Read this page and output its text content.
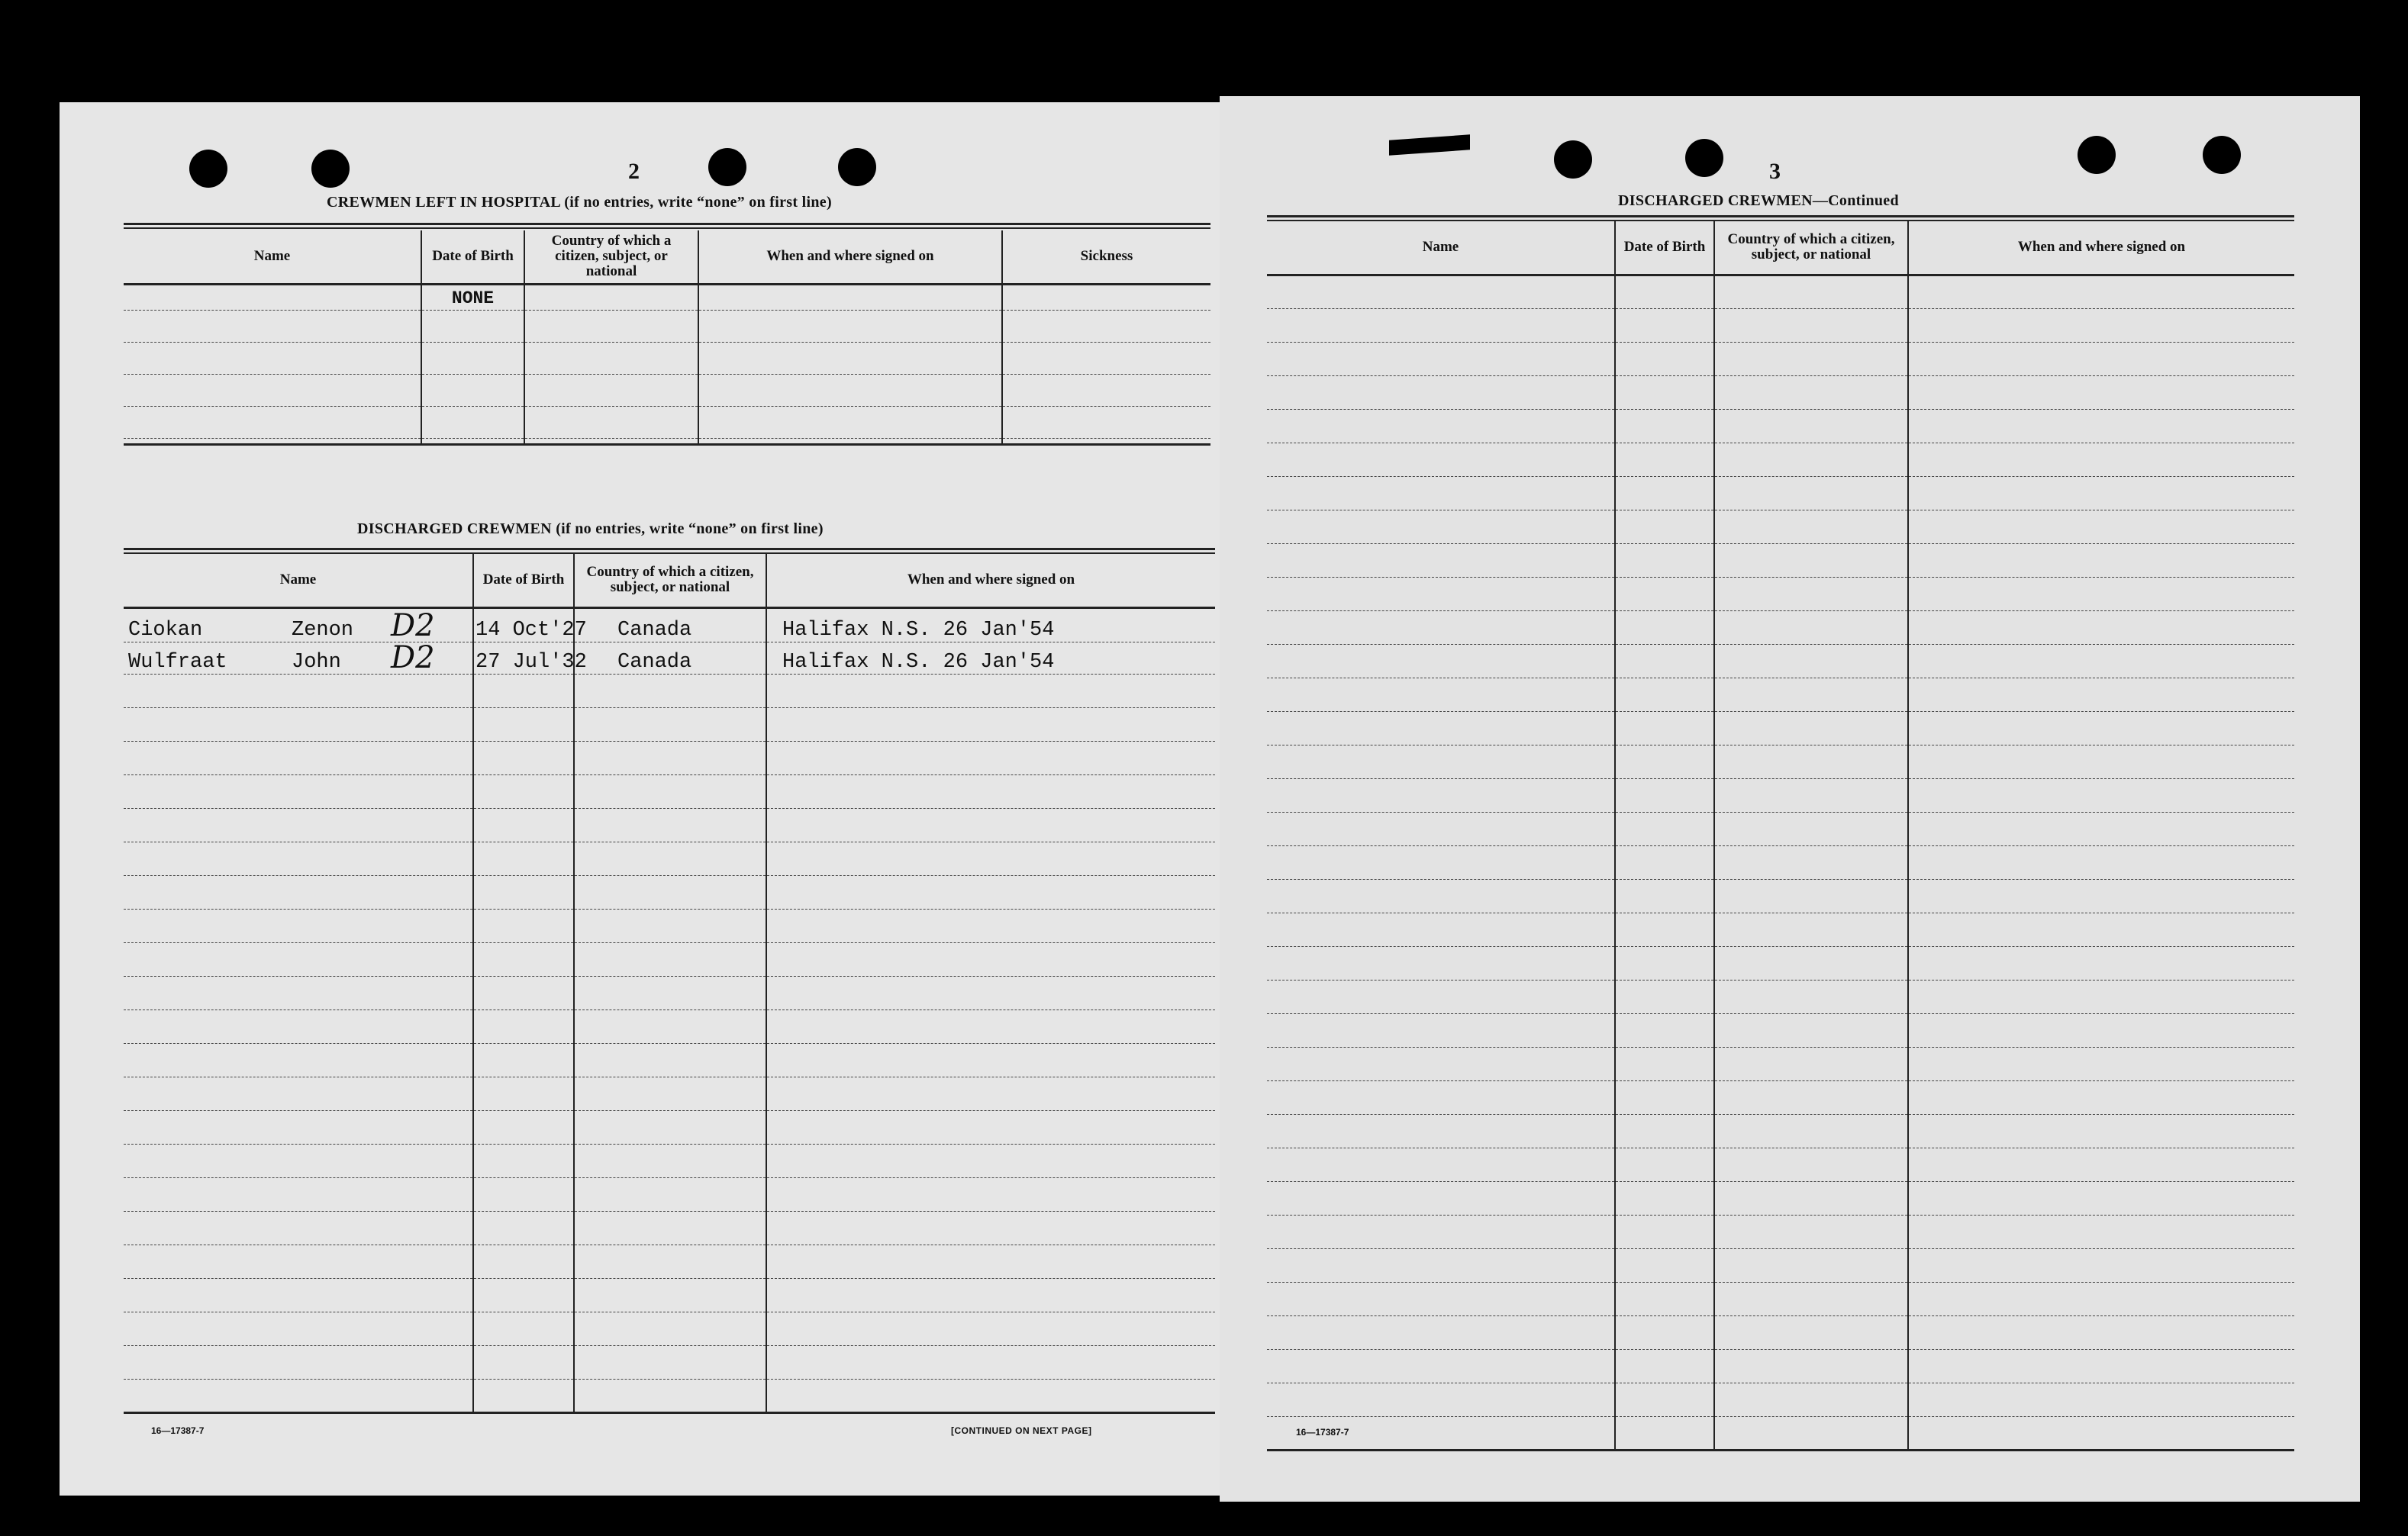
2
CREWMEN LEFT IN HOSPITAL (if no entries, write “none” on first line)
Name	Date of Birth	Country of which a citizen, subject, or national	When and where signed on	Sickness
	NONE			

DISCHARGED CREWMEN (if no entries, write “none” on first line)
Name	Date of Birth	Country of which a citizen, subject, or national	When and where signed on
Ciokan Zenon D2	14 Oct'27	Canada	Halifax N.S. 26 Jan'54
Wulfraat John D2	27 Jul'32	Canada	Halifax N.S. 26 Jan'54

16—17387-7	[CONTINUED ON NEXT PAGE]
3
DISCHARGED CREWMEN—Continued
Name	Date of Birth	Country of which a citizen, subject, or national	When and where signed on

16—17387-7
